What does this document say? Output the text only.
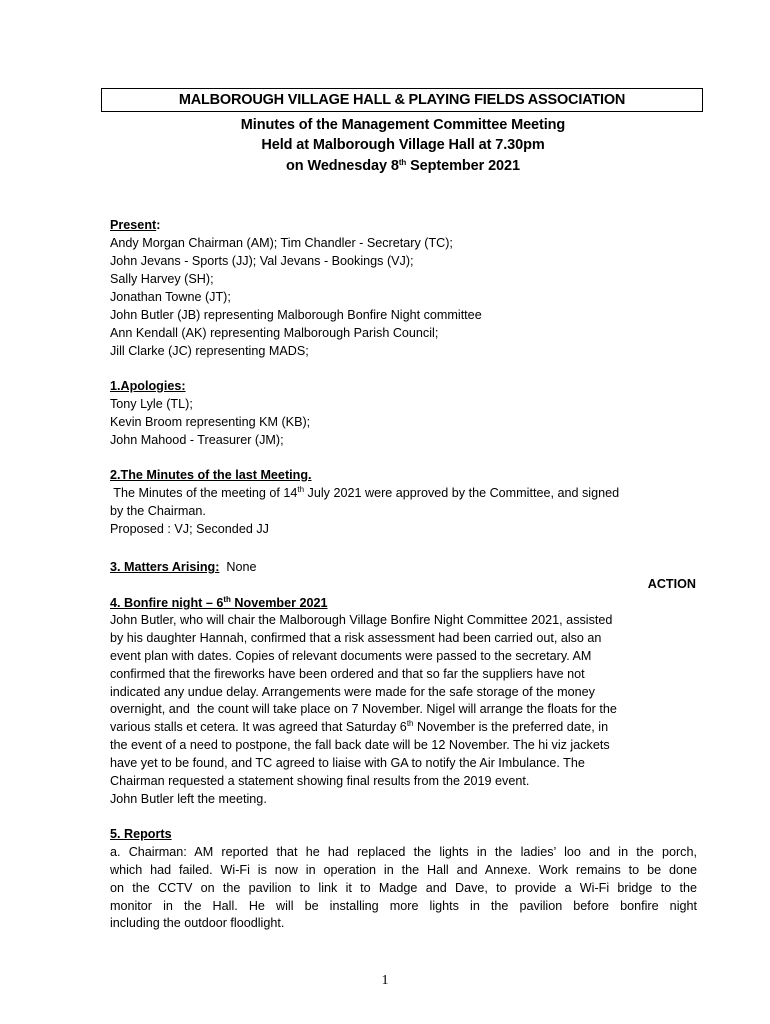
MALBOROUGH VILLAGE HALL & PLAYING FIELDS ASSOCIATION
Minutes of the Management Committee Meeting
Held at Malborough Village Hall at 7.30pm
on Wednesday 8th September 2021
Present:
Andy Morgan Chairman (AM); Tim Chandler - Secretary (TC);
John Jevans - Sports (JJ); Val Jevans - Bookings (VJ);
Sally Harvey (SH);
Jonathan Towne (JT);
John Butler (JB) representing Malborough Bonfire Night committee
Ann Kendall (AK) representing Malborough Parish Council;
Jill Clarke (JC) representing MADS;
1.Apologies:
Tony Lyle (TL);
Kevin Broom representing KM (KB);
John Mahood - Treasurer (JM);
2.The Minutes of the last Meeting.
The Minutes of the meeting of 14th July 2021 were approved by the Committee, and signed
by the Chairman.
Proposed : VJ; Seconded JJ
3. Matters Arising:  None
ACTION
4. Bonfire night – 6th November 2021
John Butler, who will chair the Malborough Village Bonfire Night Committee 2021, assisted
by his daughter Hannah, confirmed that a risk assessment had been carried out, also an
event plan with dates. Copies of relevant documents were passed to the secretary. AM
confirmed that the fireworks have been ordered and that so far the suppliers have not
indicated any undue delay. Arrangements were made for the safe storage of the money
overnight, and  the count will take place on 7 November. Nigel will arrange the floats for the
various stalls et cetera. It was agreed that Saturday 6th November is the preferred date, in
the event of a need to postpone, the fall back date will be 12 November. The hi viz jackets
have yet to be found, and TC agreed to liaise with GA to notify the Air Imbulance. The
Chairman requested a statement showing final results from the 2019 event.
John Butler left the meeting.
5. Reports
a. Chairman: AM reported that he had replaced the lights in the ladies’ loo and in the porch,
which had failed. Wi-Fi is now in operation in the Hall and Annexe. Work remains to be done
on the CCTV on the pavilion to link it to Madge and Dave, to provide a Wi-Fi bridge to the
monitor in the Hall. He will be installing more lights in the pavilion before bonfire night
including the outdoor floodlight.
1
